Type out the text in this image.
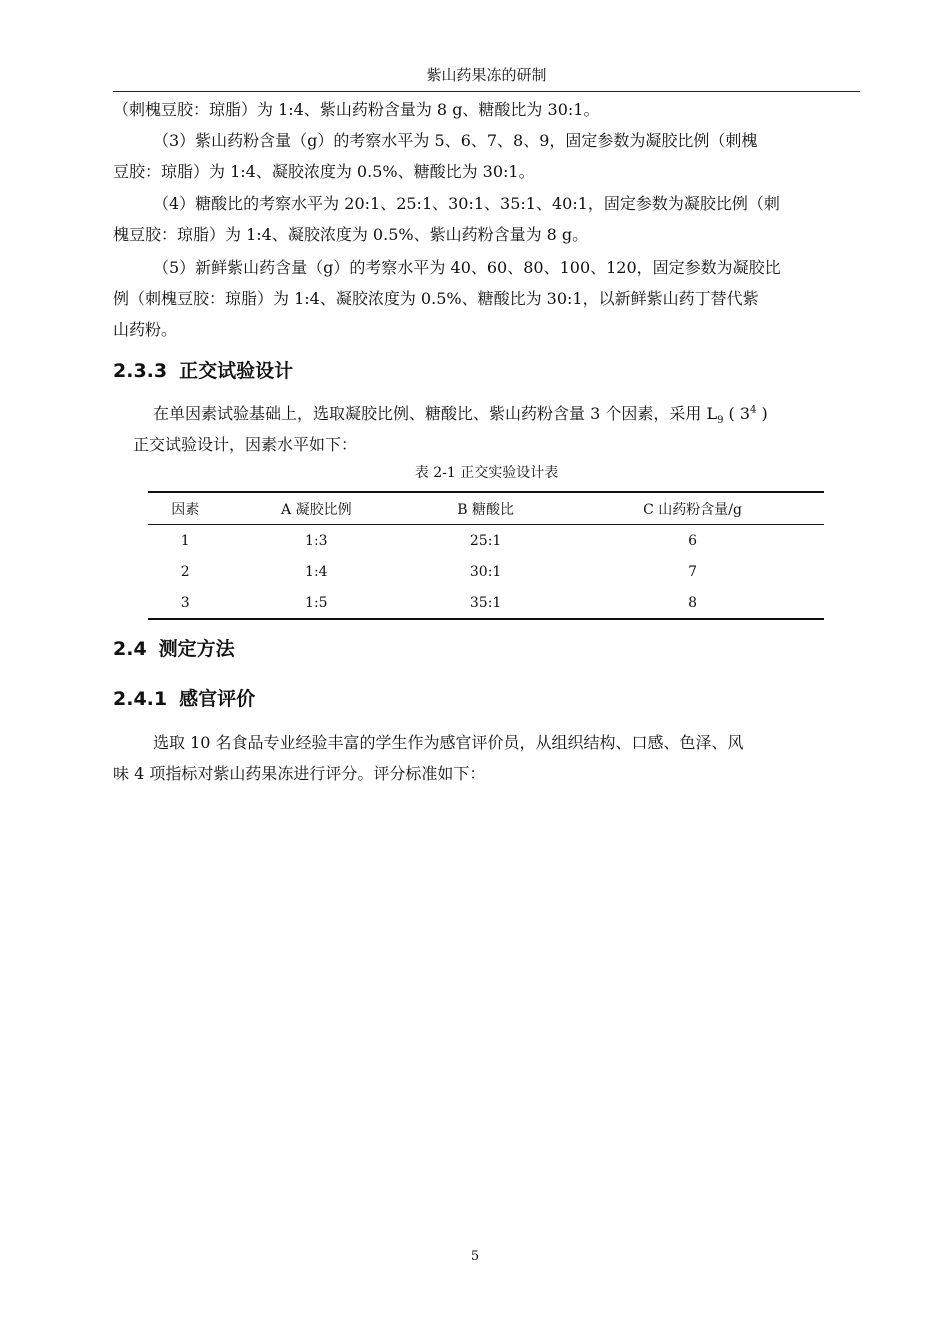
紫山药果冻的研制
（刺槐豆胶：琼脂）为 1:4、紫山药粉含量为 8 g、糖酸比为 30:1。
（3）紫山药粉含量（g）的考察水平为 5、6、7、8、9，固定参数为凝胶比例（刺槐
豆胶：琼脂）为 1:4、凝胶浓度为 0.5%、糖酸比为 30:1。
（4）糖酸比的考察水平为 20:1、25:1、30:1、35:1、40:1，固定参数为凝胶比例（刺
槐豆胶：琼脂）为 1:4、凝胶浓度为 0.5%、紫山药粉含量为 8 g。
（5）新鲜紫山药含量（g）的考察水平为 40、60、80、100、120，固定参数为凝胶比
例（刺槐豆胶：琼脂）为 1:4、凝胶浓度为 0.5%、糖酸比为 30:1，以新鲜紫山药丁替代紫
山药粉。
2.3.3 正交试验设计
在单因素试验基础上，选取凝胶比例、糖酸比、紫山药粉含量 3 个因素，采用 $L_9$ ( $3^4$ )
正交试验设计，因素水平如下：
表 2-1 正交实验设计表
因素	A 凝胶比例	B 糖酸比	C 山药粉含量/g
1	1:3	25:1	6
2	1:4	30:1	7
3	1:5	35:1	8
2.4 测定方法
2.4.1 感官评价
选取 10 名食品专业经验丰富的学生作为感官评价员，从组织结构、口感、色泽、风
味 4 项指标对紫山药果冻进行评分。评分标准如下：
5
